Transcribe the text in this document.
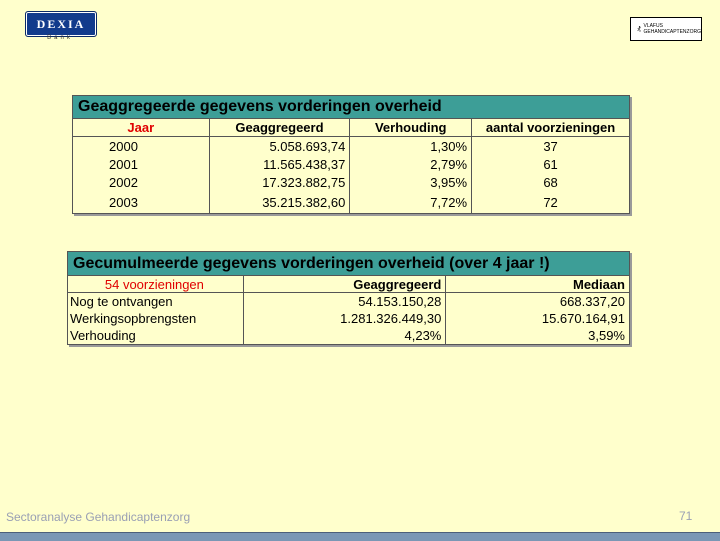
DEXIA
Bank
VLAFUS
GEHANDICAPTENZORG
Geaggregeerde gegevens vorderingen overheid			
Jaar	Geaggregeerd	Verhouding	aantal voorzieningen
2000	5.058.693,74	1,30%	37
2001	11.565.438,37	2,79%	61
2002	17.323.882,75	3,95%	68
2003	35.215.382,60	7,72%	72
Gecumulmeerde gegevens vorderingen overheid (over 4 jaar !)		
54 voorzieningen	Geaggregeerd	Mediaan
Nog te ontvangen	54.153.150,28	668.337,20
Werkingsopbrengsten	1.281.326.449,30	15.670.164,91
Verhouding	4,23%	3,59%
Sectoranalyse Gehandicaptenzorg	71
